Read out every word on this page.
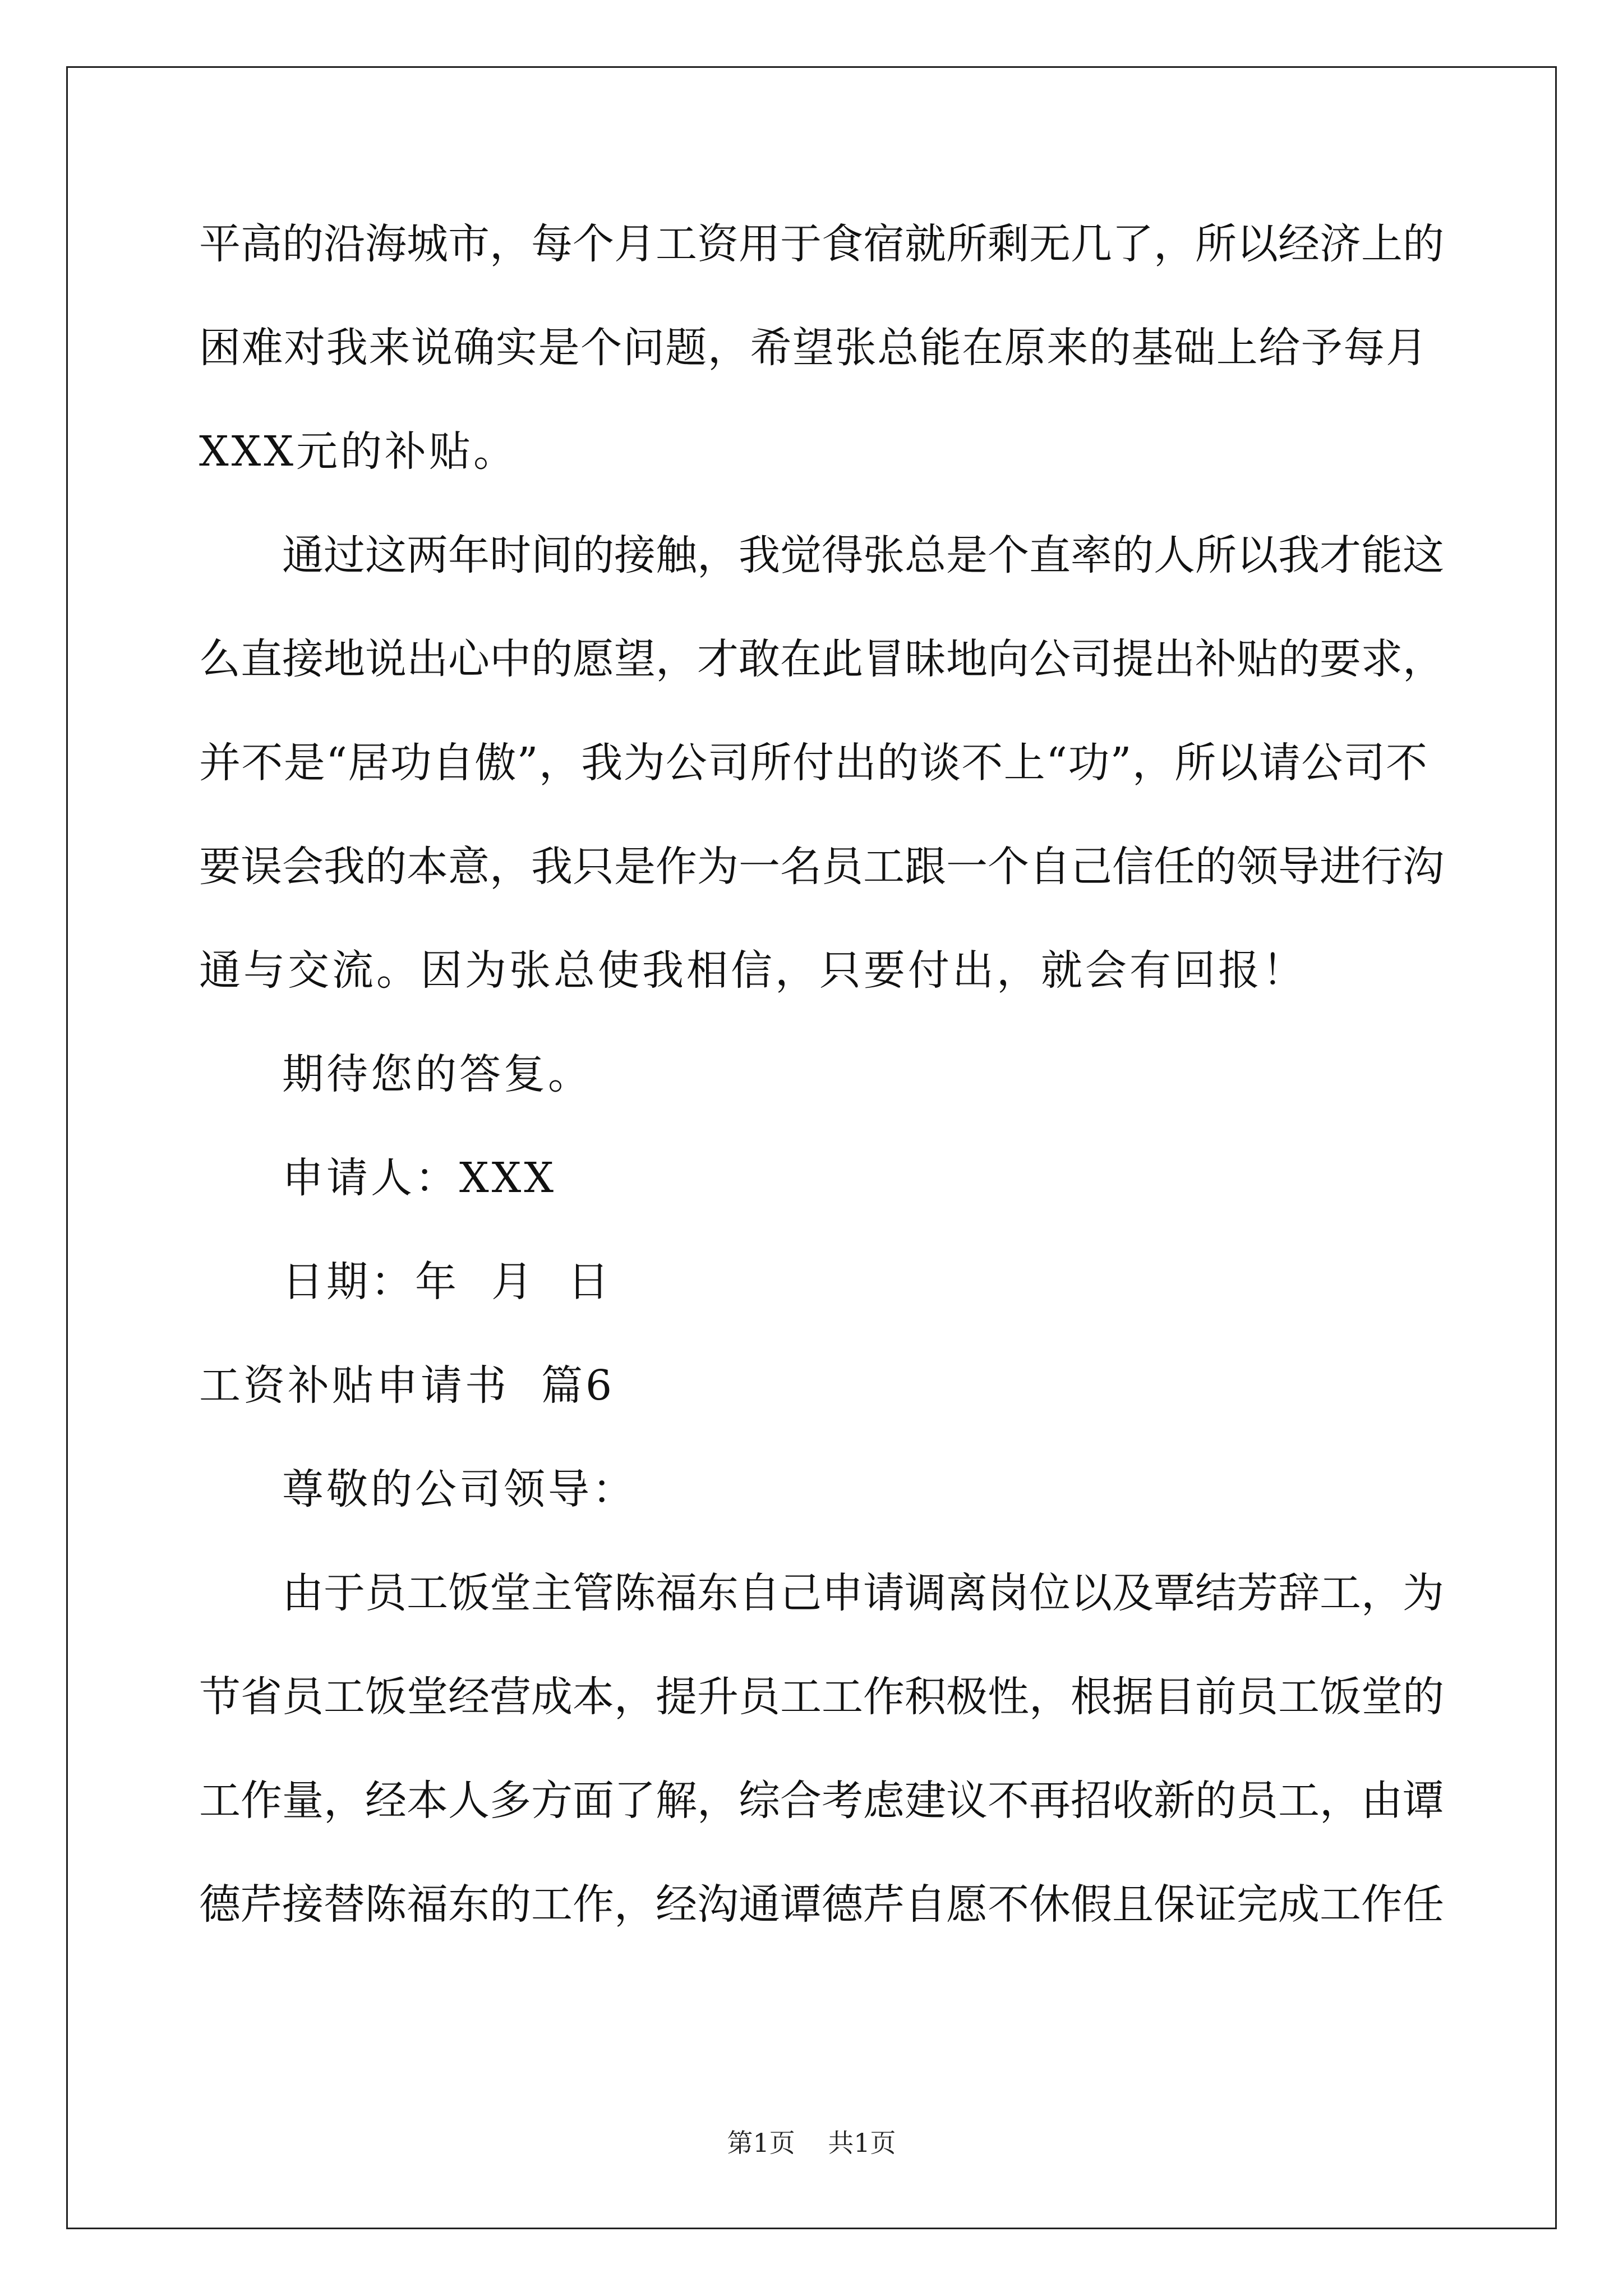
平高的沿海城市，每个月工资用于食宿就所剩无几了，所以经济上的
困难对我来说确实是个问题，希望张总能在原来的基础上给予每月
XXX元的补贴。
通过这两年时间的接触，我觉得张总是个直率的人所以我才能这
么直接地说出心中的愿望，才敢在此冒昧地向公司提出补贴的要求，
并不是“居功自傲”，我为公司所付出的谈不上“功”，所以请公司不
要误会我的本意，我只是作为一名员工跟一个自己信任的领导进行沟
通与交流。因为张总使我相信，只要付出，就会有回报！
期待您的答复。
申请人：XXX
日期：年  月  日
工资补贴申请书  篇6
尊敬的公司领导：
由于员工饭堂主管陈福东自己申请调离岗位以及覃结芳辞工，为
节省员工饭堂经营成本，提升员工工作积极性，根据目前员工饭堂的
工作量，经本人多方面了解，综合考虑建议不再招收新的员工，由谭
德芹接替陈福东的工作，经沟通谭德芹自愿不休假且保证完成工作任
第1页    共1页
